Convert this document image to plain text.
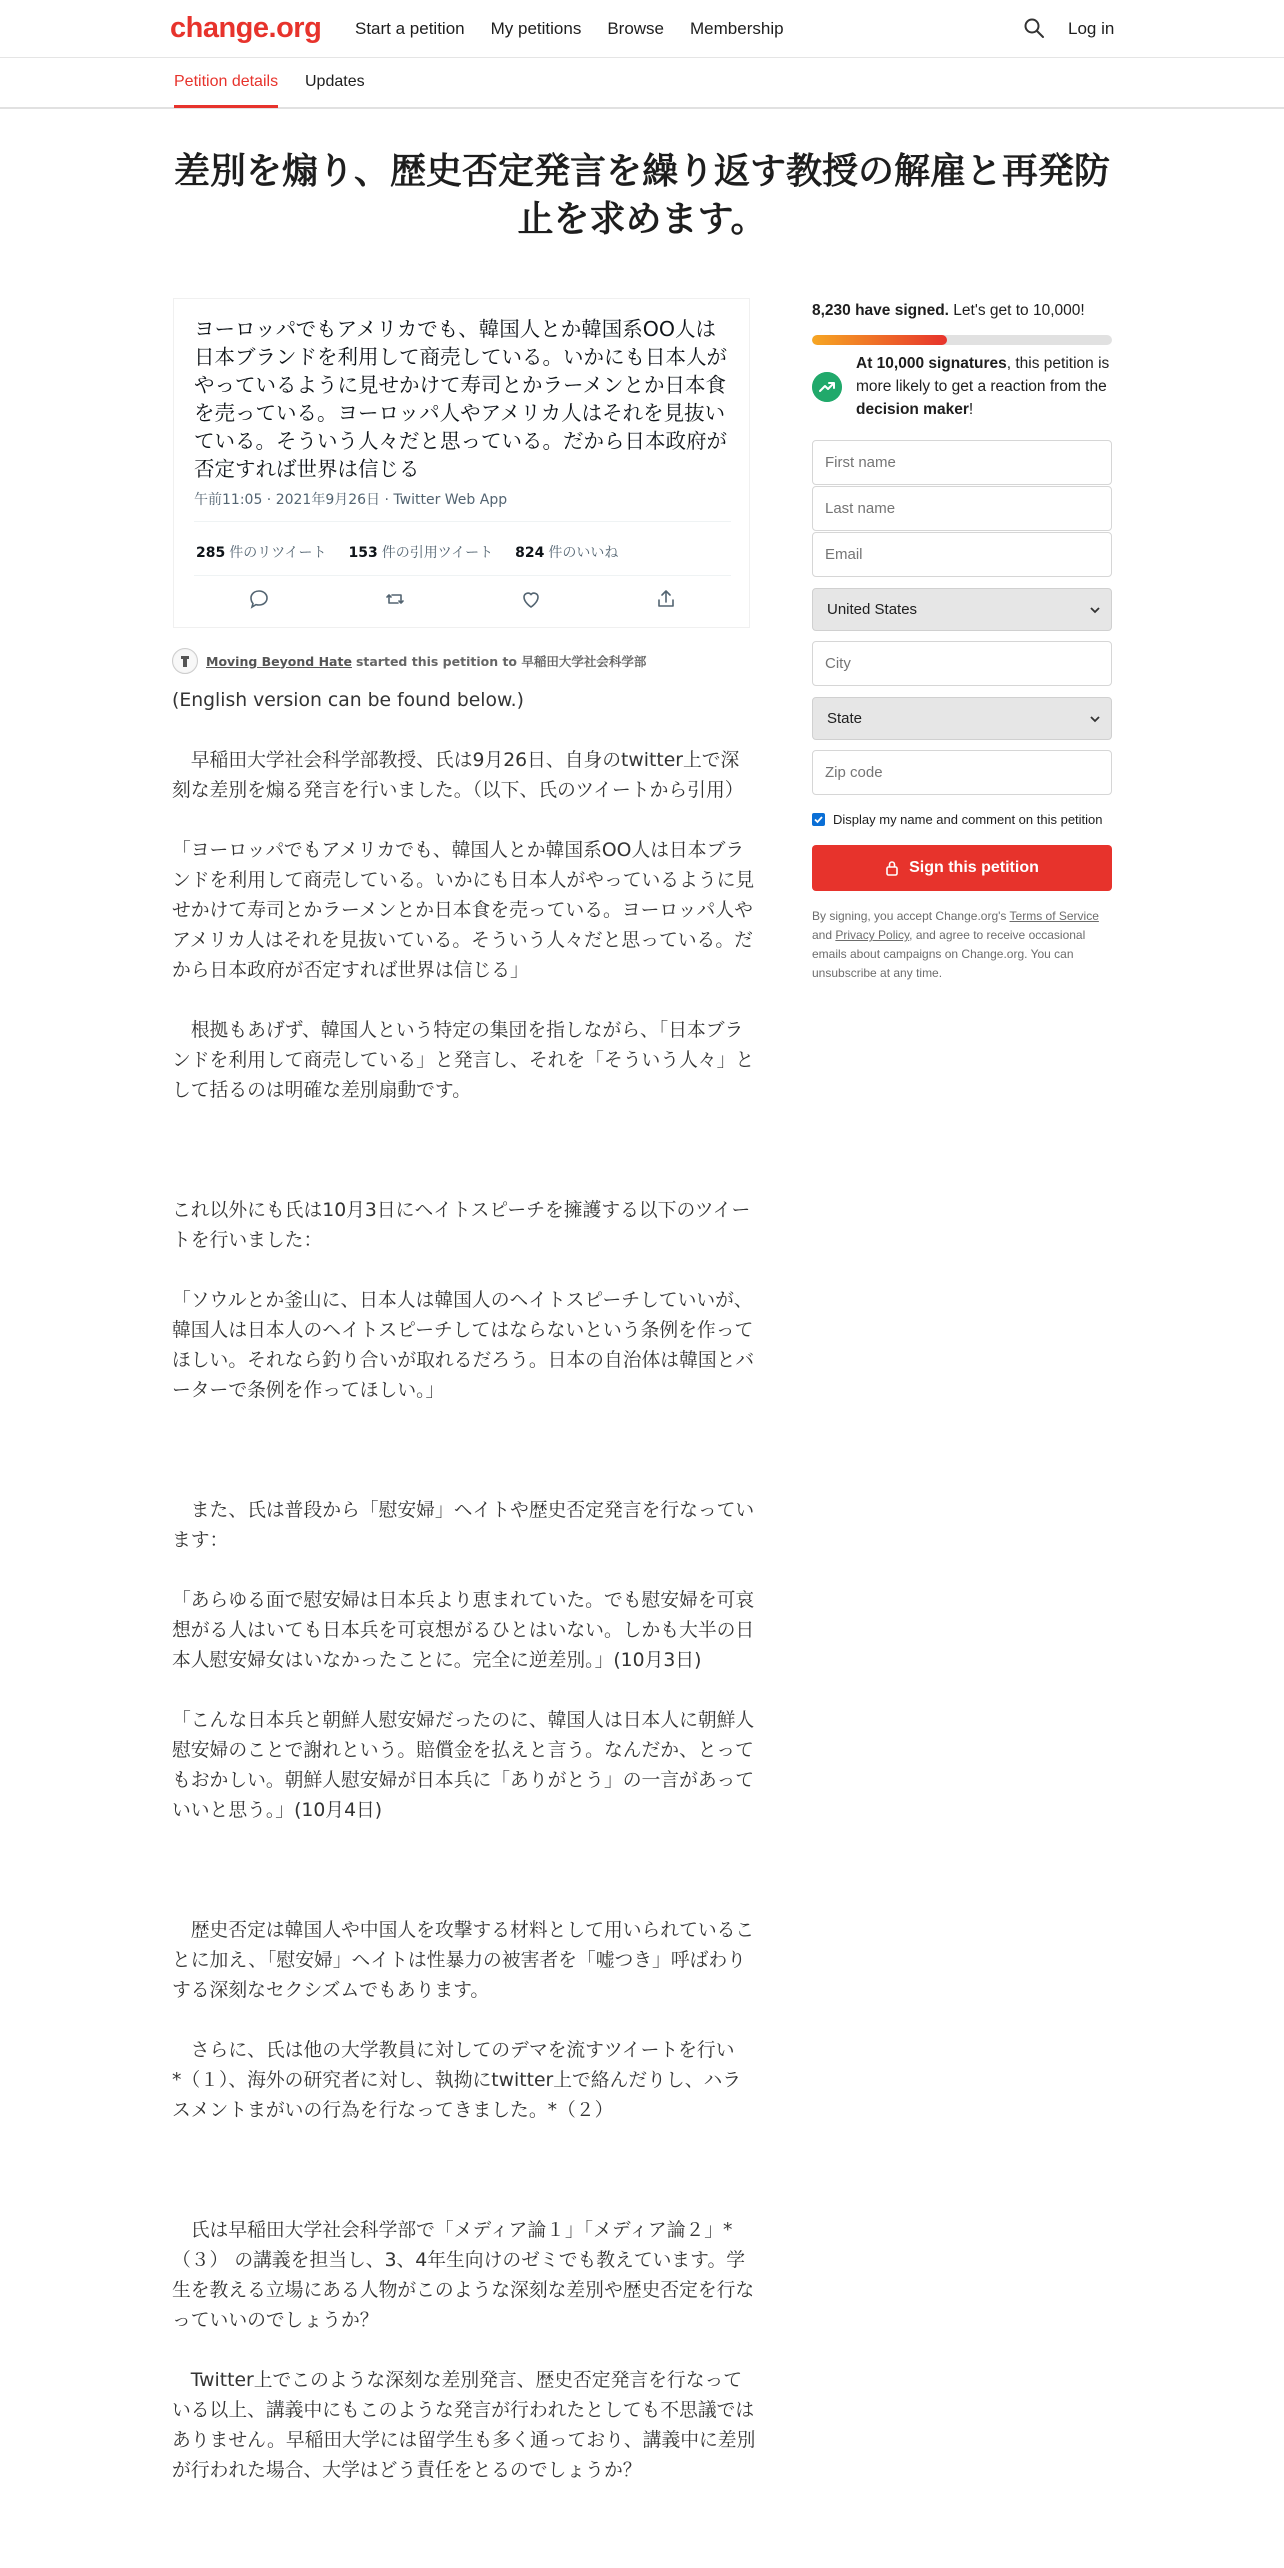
change.org Start a petition My petitions Browse Membership	Log in
Petition details Updates
差別を煽り、歴史否定発言を繰り返す教授の解雇と再発防止を求めます。
ヨーロッパでもアメリカでも、韓国人とか韓国系OO人は日本ブランドを利用して商売している。いかにも日本人がやっているように見せかけて寿司とかラーメンとか日本食を売っている。ヨーロッパ人やアメリカ人はそれを見抜いている。そういう人々だと思っている。だから日本政府が否定すれば世界は信じる
午前11:05 · 2021年9月26日 · Twitter Web App
285 件のリツイート 153 件の引用ツイート 824 件のいいね
Moving Beyond Hate started this petition to 早稲田大学社会科学部

(English version can be found below.)

　早稲田大学社会科学部教授、氏は9月26日、自身のtwitter上で深刻な差別を煽る発言を行いました。（以下、氏のツイートから引用）

「ヨーロッパでもアメリカでも、韓国人とか韓国系OO人は日本ブランドを利用して商売している。いかにも日本人がやっているように見せかけて寿司とかラーメンとか日本食を売っている。ヨーロッパ人やアメリカ人はそれを見抜いている。そういう人々だと思っている。だから日本政府が否定すれば世界は信じる」

　根拠もあげず、韓国人という特定の集団を指しながら、「日本ブランドを利用して商売している」と発言し、それを「そういう人々」として括るのは明確な差別扇動です。

これ以外にも氏は10月3日にヘイトスピーチを擁護する以下のツイートを行いました：

「ソウルとか釜山に、日本人は韓国人のヘイトスピーチしていいが、韓国人は日本人のヘイトスピーチしてはならないという条例を作ってほしい。それなら釣り合いが取れるだろう。日本の自治体は韓国とバーターで条例を作ってほしい。」

　また、氏は普段から「慰安婦」ヘイトや歴史否定発言を行なっています：

「あらゆる面で慰安婦は日本兵より恵まれていた。でも慰安婦を可哀想がる人はいても日本兵を可哀想がるひとはいない。しかも大半の日本人慰安婦女はいなかったことに。完全に逆差別。」(10月3日)

「こんな日本兵と朝鮮人慰安婦だったのに、韓国人は日本人に朝鮮人慰安婦のことで謝れという。賠償金を払えと言う。なんだか、とってもおかしい。朝鮮人慰安婦が日本兵に「ありがとう」の一言があっていいと思う。」(10月4日)

　歴史否定は韓国人や中国人を攻撃する材料として用いられていることに加え、「慰安婦」ヘイトは性暴力の被害者を「嘘つき」呼ばわりする深刻なセクシズムでもあります。

　さらに、氏は他の大学教員に対してのデマを流すツイートを行い　*（１）、海外の研究者に対し、執拗にtwitter上で絡んだりし、ハラスメントまがいの行為を行なってきました。*（２）

　氏は早稲田大学社会科学部で「メディア論１」「メディア論２」*（３） の講義を担当し、3、4年生向けのゼミでも教えています。学生を教える立場にある人物がこのような深刻な差別や歴史否定を行なっていいのでしょうか？

　Twitter上でこのような深刻な差別発言、歴史否定発言を行なっている以上、講義中にもこのような発言が行われたとしても不思議ではありません。早稲田大学には留学生も多く通っており、講義中に差別が行われた場合、大学はどう責任をとるのでしょうか？

8,230 have signed. Let's get to 10,000!
At 10,000 signatures, this petition is more likely to get a reaction from the decision maker!
First name
Last name
Email
United States
City
State
Zip code
Display my name and comment on this petition
Sign this petition
By signing, you accept Change.org's Terms of Service and Privacy Policy, and agree to receive occasional emails about campaigns on Change.org. You can unsubscribe at any time.
